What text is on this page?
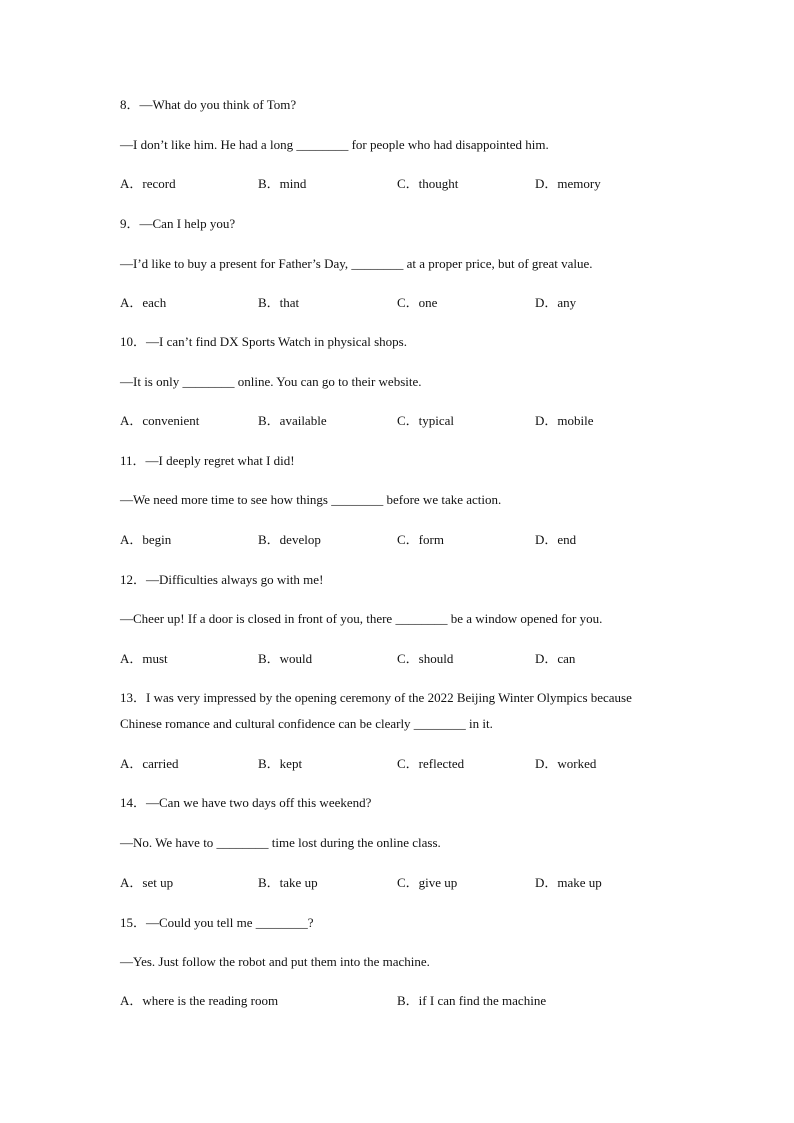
8．—What do you think of Tom?
—I don’t like him. He had a long ________ for people who had disappointed him.
A．record	B．mind	C．thought	D．memory
9．—Can I help you?
—I’d like to buy a present for Father’s Day, ________ at a proper price, but of great value.
A．each	B．that	C．one	D．any
10．—I can’t find DX Sports Watch in physical shops.
—It is only ________ online. You can go to their website.
A．convenient	B．available	C．typical	D．mobile
11．—I deeply regret what I did!
—We need more time to see how things ________ before we take action.
A．begin	B．develop	C．form	D．end
12．—Difficulties always go with me!
—Cheer up! If a door is closed in front of you, there ________ be a window opened for you.
A．must	B．would	C．should	D．can
13．I was very impressed by the opening ceremony of the 2022 Beijing Winter Olympics because
Chinese romance and cultural confidence can be clearly ________ in it.
A．carried	B．kept	C．reflected	D．worked
14．—Can we have two days off this weekend?
—No. We have to ________ time lost during the online class.
A．set up	B．take up	C．give up	D．make up
15．—Could you tell me ________?
—Yes. Just follow the robot and put them into the machine.
A．where is the reading room	B．if I can find the machine
